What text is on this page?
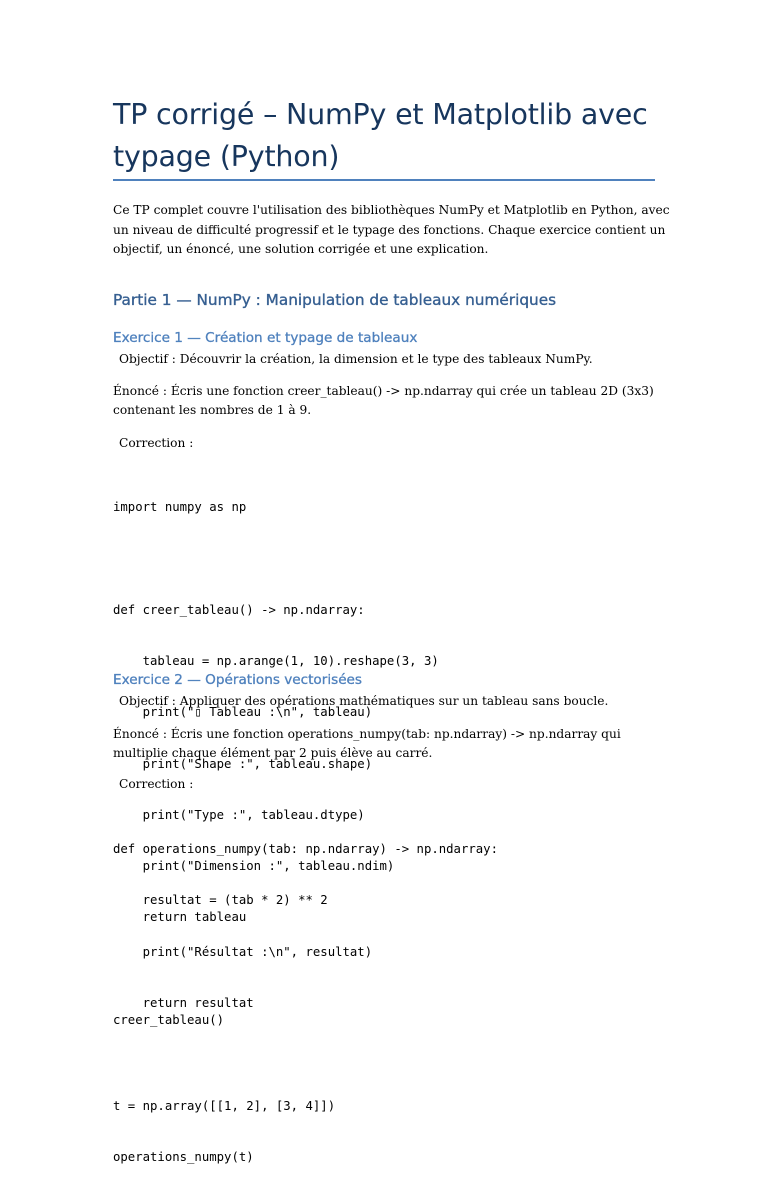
TP corrigé – NumPy et Matplotlib avec typage (Python)

Ce TP complet couvre l'utilisation des bibliothèques NumPy et Matplotlib en Python, avec
un niveau de difficulté progressif et le typage des fonctions. Chaque exercice contient un
objectif, un énoncé, une solution corrigée et une explication.

Partie 1 — NumPy : Manipulation de tableaux numériques
Exercice 1 — Création et typage de tableaux

Objectif : Découvrir la création, la dimension et le type des tableaux NumPy.

Énoncé : Écris une fonction creer_tableau() -> np.ndarray qui crée un tableau 2D (3x3)
contenant les nombres de 1 à 9.

Correction :

import numpy as np

def creer_tableau() -> np.ndarray:

tableau = np.arange(1, 10).reshape(3, 3)

print("▯ Tableau :\n", tableau)

print("Shape :", tableau.shape)

print("Type :", tableau.dtype)

print("Dimension :", tableau.ndim)

return tableau

creer_tableau()

Exercice 2 — Opérations vectorisées

Objectif : Appliquer des opérations mathématiques sur un tableau sans boucle.

Énoncé : Écris une fonction operations_numpy(tab: np.ndarray) -> np.ndarray qui
multiplie chaque élément par 2 puis élève au carré.

Correction :

def operations_numpy(tab: np.ndarray) -> np.ndarray:

resultat = (tab * 2) ** 2

print("Résultat :\n", resultat)

return resultat

t = np.array([[1, 2], [3, 4]])

operations_numpy(t)
